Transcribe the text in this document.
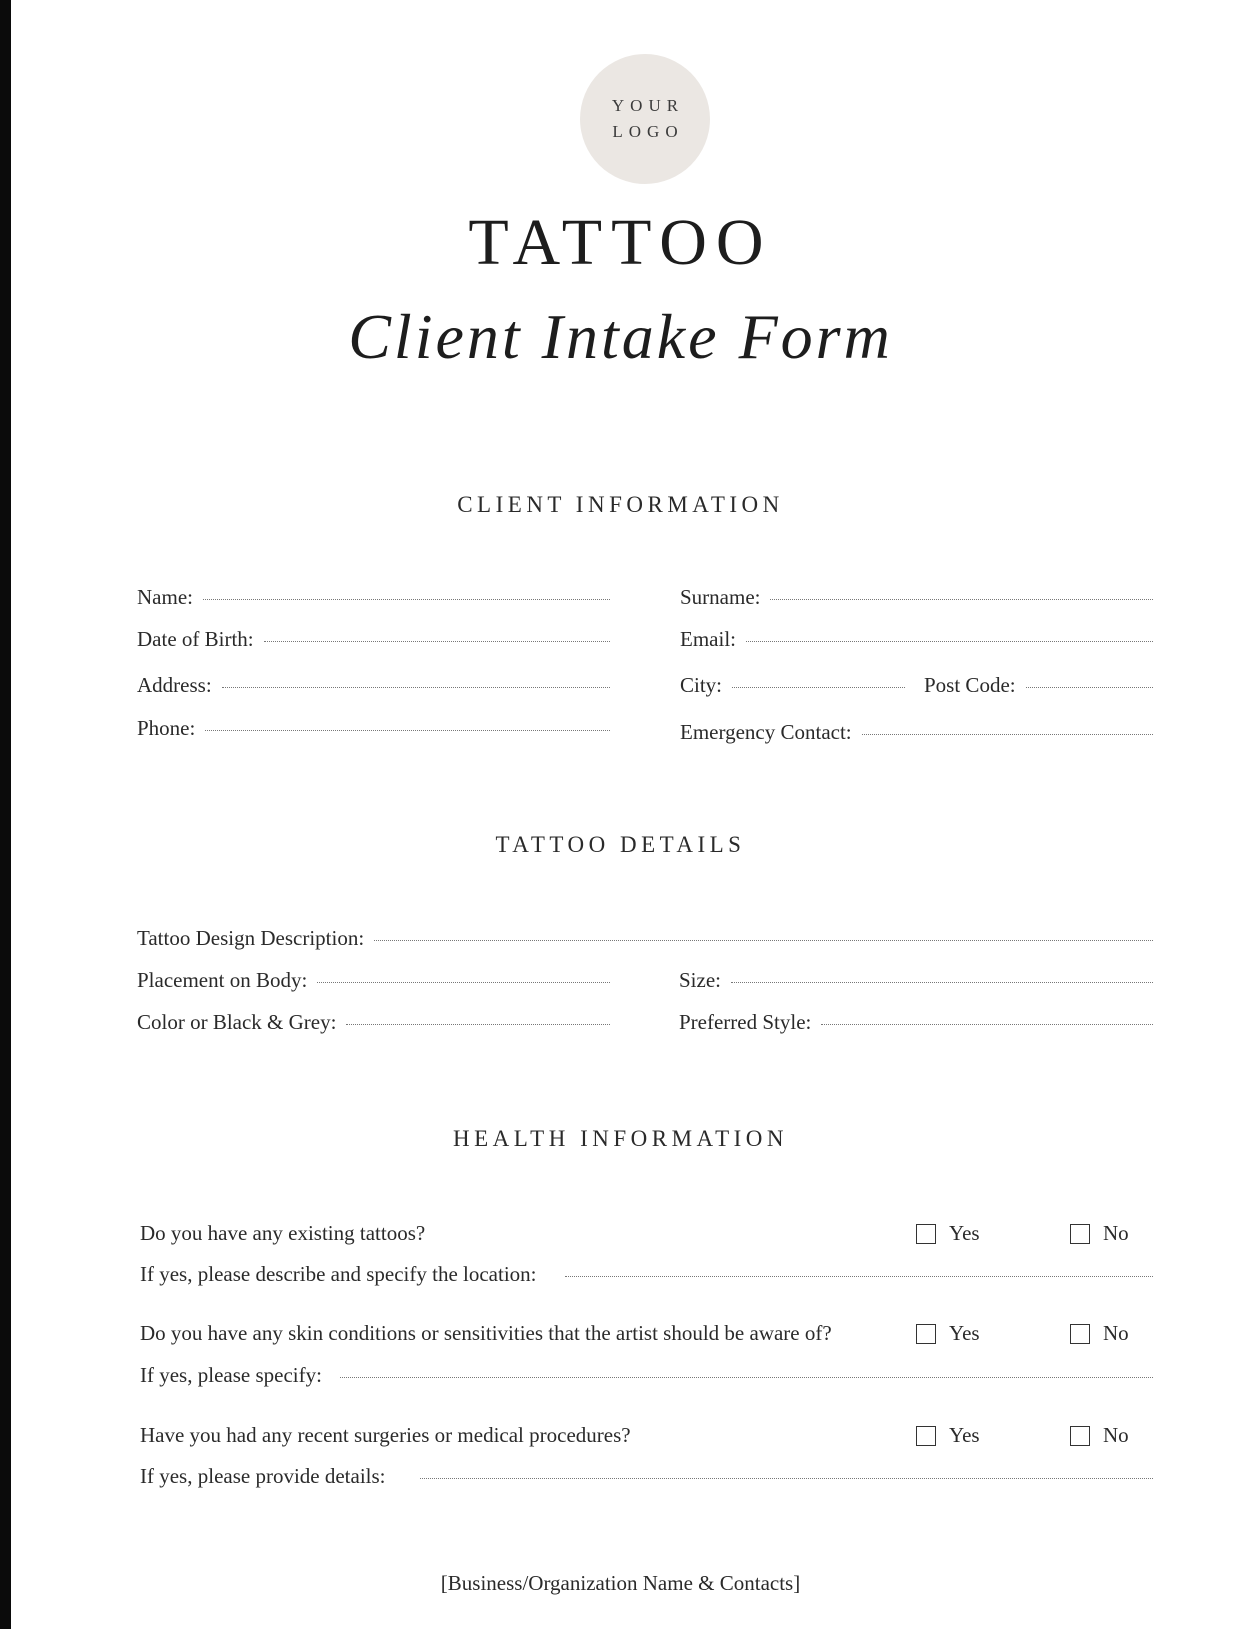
YOUR
LOGO
TATTOO
Client Intake Form
CLIENT INFORMATION
Name:	Surname:
Date of Birth:	Email:
Address:	City:	Post Code:
Phone:	Emergency Contact:
TATTOO DETAILS
Tattoo Design Description:
Placement on Body:	Size:
Color or Black & Grey:	Preferred Style:
HEALTH INFORMATION
Do you have any existing tattoos?	Yes	No
If yes, please describe and specify the location:
Do you have any skin conditions or sensitivities that the artist should be aware of?	Yes	No
If yes, please specify:
Have you had any recent surgeries or medical procedures?	Yes	No
If yes, please provide details:
[Business/Organization Name & Contacts]
